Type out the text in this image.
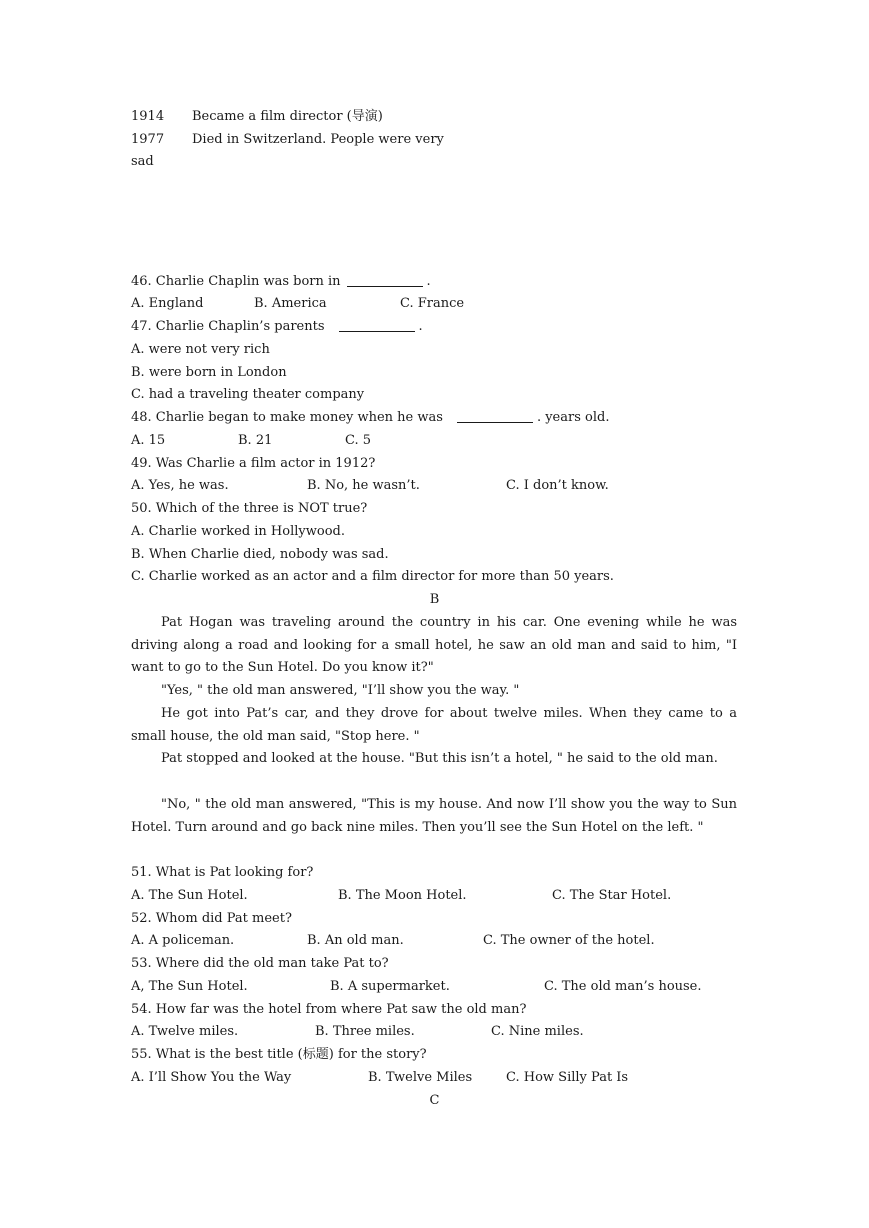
1914 Became a film director (导演)
1977 Died in Switzerland. People were very
sad
46. Charlie Chaplin was born in	.
A. England	B. America	C. France
47. Charlie Chaplin’s parents	.
A. were not very rich
B. were born in London
C. had a traveling theater company
48. Charlie began to make money when he was	. years old.
A. 15	B. 21	C. 5
49. Was Charlie a film actor in 1912?
A. Yes, he was.	B. No, he wasn’t.	C. I don’t know.
50. Which of the three is NOT true?
A. Charlie worked in Hollywood.
B. When Charlie died, nobody was sad.
C. Charlie worked as an actor and a film director for more than 50 years.
B

Pat Hogan was traveling around the country in his car. One evening while he was driving along a road and looking for a small hotel, he saw an old man and said to him, "I want to go to the Sun Hotel. Do you know it?"

"Yes, " the old man answered, "I’ll show you the way. "

He got into Pat’s car, and they drove for about twelve miles. When they came to a small house, the old man said, "Stop here. "

Pat stopped and looked at the house. "But this isn’t a hotel, " he said to the old man.

"No, " the old man answered, "This is my house. And now I’ll show you the way to Sun Hotel. Turn around and go back nine miles. Then you’ll see the Sun Hotel on the left. "

51. What is Pat looking for?
A. The Sun Hotel.	B. The Moon Hotel.	C. The Star Hotel.
52. Whom did Pat meet?
A. A policeman.	B. An old man.	C. The owner of the hotel.
53. Where did the old man take Pat to?
A, The Sun Hotel.	B. A supermarket.	C. The old man’s house.
54. How far was the hotel from where Pat saw the old man?
A. Twelve miles.	B. Three miles.	C. Nine miles.
55. What is the best title (标题) for the story?
A. I’ll Show You the Way	B. Twelve Miles	C. How Silly Pat Is
C
